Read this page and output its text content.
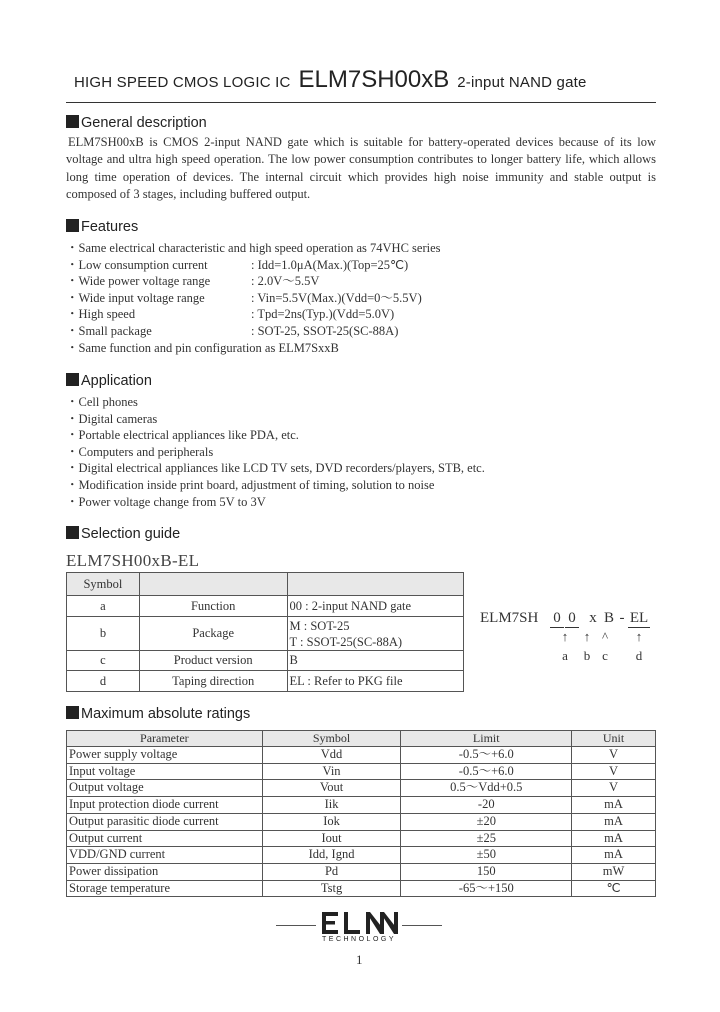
HIGH SPEED CMOS LOGIC IC ELM7SH00xB 2-input NAND gate
General description
ELM7SH00xB is CMOS 2-input NAND gate which is suitable for battery-operated devices because of its low voltage and ultra high speed operation. The low power consumption contributes to longer battery life, which allows long time operation of devices. The internal circuit which provides high noise immunity and stable output is composed of 3 stages, including buffered output.
Features
・Same electrical characteristic and high speed operation as 74VHC series
・Low consumption current	: Idd=1.0μA(Max.)(Top=25℃)
・Wide power voltage range	: 2.0V～5.5V
・Wide input voltage range	: Vin=5.5V(Max.)(Vdd=0～5.5V)
・High speed	: Tpd=2ns(Typ.)(Vdd=5.0V)
・Small package	: SOT-25, SSOT-25(SC-88A)
・Same function and pin configuration as ELM7SxxB
Application
・Cell phones
・Digital cameras
・Portable electrical appliances like PDA, etc.
・Computers and peripherals
・Digital electrical appliances like LCD TV sets, DVD recorders/players, STB, etc.
・Modification inside print board, adjustment of timing, solution to noise
・Power voltage change from 5V to 3V
Selection guide
ELM7SH00xB-EL
Symbol		
a	Function	00 : 2-input NAND gate
b	Package	M : SOT-25
T : SSOT-25(SC-88A)

c	Product version	B
d	Taping direction	EL : Refer to PKG file
ELM7SH 0 0 x B - EL
↑ ↑ ^	↑
a	b c	d
Maximum absolute ratings
Parameter	Symbol	Limit	Unit
Power supply voltage	Vdd	-0.5～+6.0	V
Input voltage	Vin	-0.5～+6.0	V
Output voltage	Vout	0.5～Vdd+0.5	V
Input protection diode current	Iik	-20	mA
Output parasitic diode current	Iok	±20	mA
Output current	Iout	±25	mA
VDD/GND current	Idd, Ignd	±50	mA
Power dissipation	Pd	150	mW
Storage temperature	Tstg	-65～+150	℃
TECHNOLOGY
1
